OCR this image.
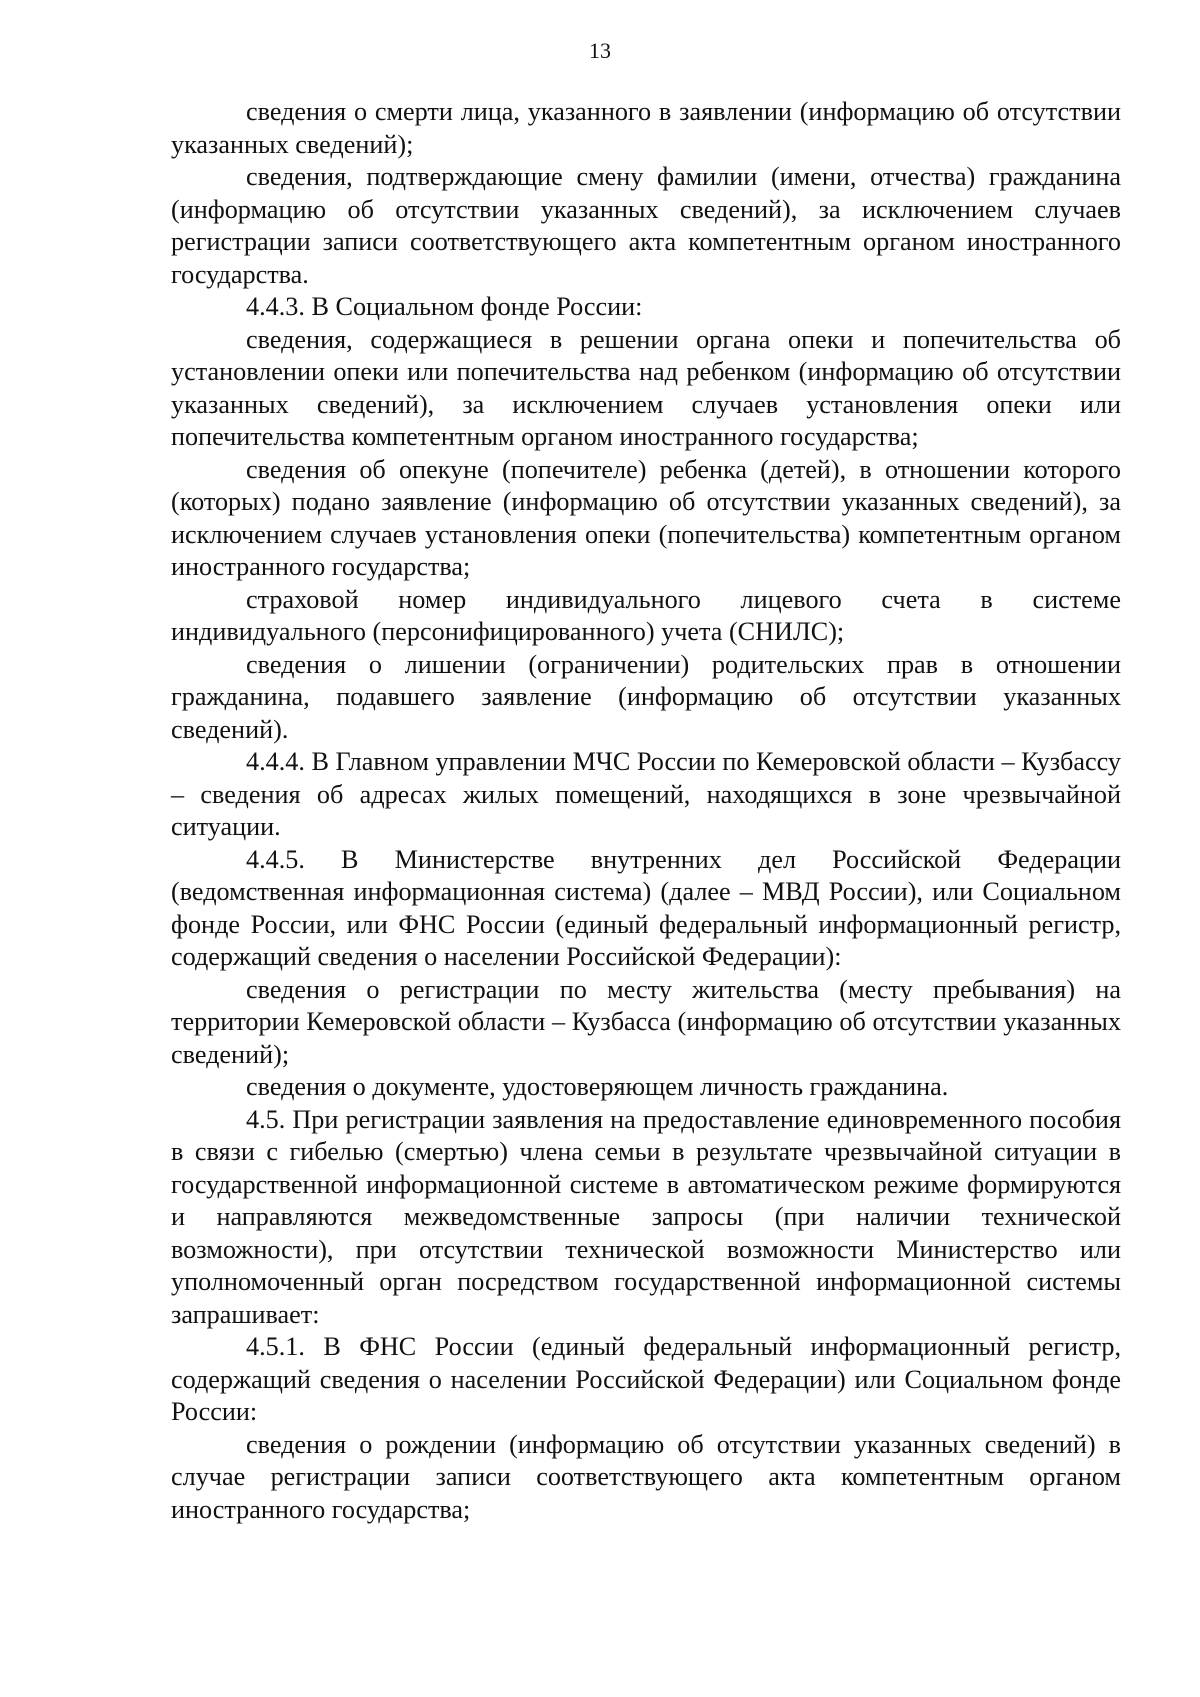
13

сведения о смерти лица, указанного в заявлении (информацию об отсутствии указанных сведений);

сведения, подтверждающие смену фамилии (имени, отчества) гражданина (информацию об отсутствии указанных сведений), за исключением случаев регистрации записи соответствующего акта компетентным органом иностранного государства.

4.4.3. В Социальном фонде России:

сведения, содержащиеся в решении органа опеки и попечительства об установлении опеки или попечительства над ребенком (информацию об отсутствии указанных сведений), за исключением случаев установления опеки или попечительства компетентным органом иностранного государства;

сведения об опекуне (попечителе) ребенка (детей), в отношении которого (которых) подано заявление (информацию об отсутствии указанных сведений), за исключением случаев установления опеки (попечительства) компетентным органом иностранного государства;

страховой номер индивидуального лицевого счета в системе индивидуального (персонифицированного) учета (СНИЛС);

сведения о лишении (ограничении) родительских прав в отношении гражданина, подавшего заявление (информацию об отсутствии указанных сведений).

4.4.4. В Главном управлении МЧС России по Кемеровской области – Кузбассу – сведения об адресах жилых помещений, находящихся в зоне чрезвычайной ситуации.

4.4.5. В Министерстве внутренних дел Российской Федерации (ведомственная информационная система) (далее – МВД России), или Социальном фонде России, или ФНС России (единый федеральный информационный регистр, содержащий сведения о населении Российской Федерации):

сведения о регистрации по месту жительства (месту пребывания) на территории Кемеровской области – Кузбасса (информацию об отсутствии указанных сведений);

сведения о документе, удостоверяющем личность гражданина.

4.5. При регистрации заявления на предоставление единовременного пособия в связи с гибелью (смертью) члена семьи в результате чрезвычайной ситуации в государственной информационной системе в автоматическом режиме формируются и направляются межведомственные запросы (при наличии технической возможности), при отсутствии технической возможности Министерство или уполномоченный орган посредством государственной информационной системы запрашивает:

4.5.1. В ФНС России (единый федеральный информационный регистр, содержащий сведения о населении Российской Федерации) или Социальном фонде России:

сведения о рождении (информацию об отсутствии указанных сведений) в случае регистрации записи соответствующего акта компетентным органом иностранного государства;
